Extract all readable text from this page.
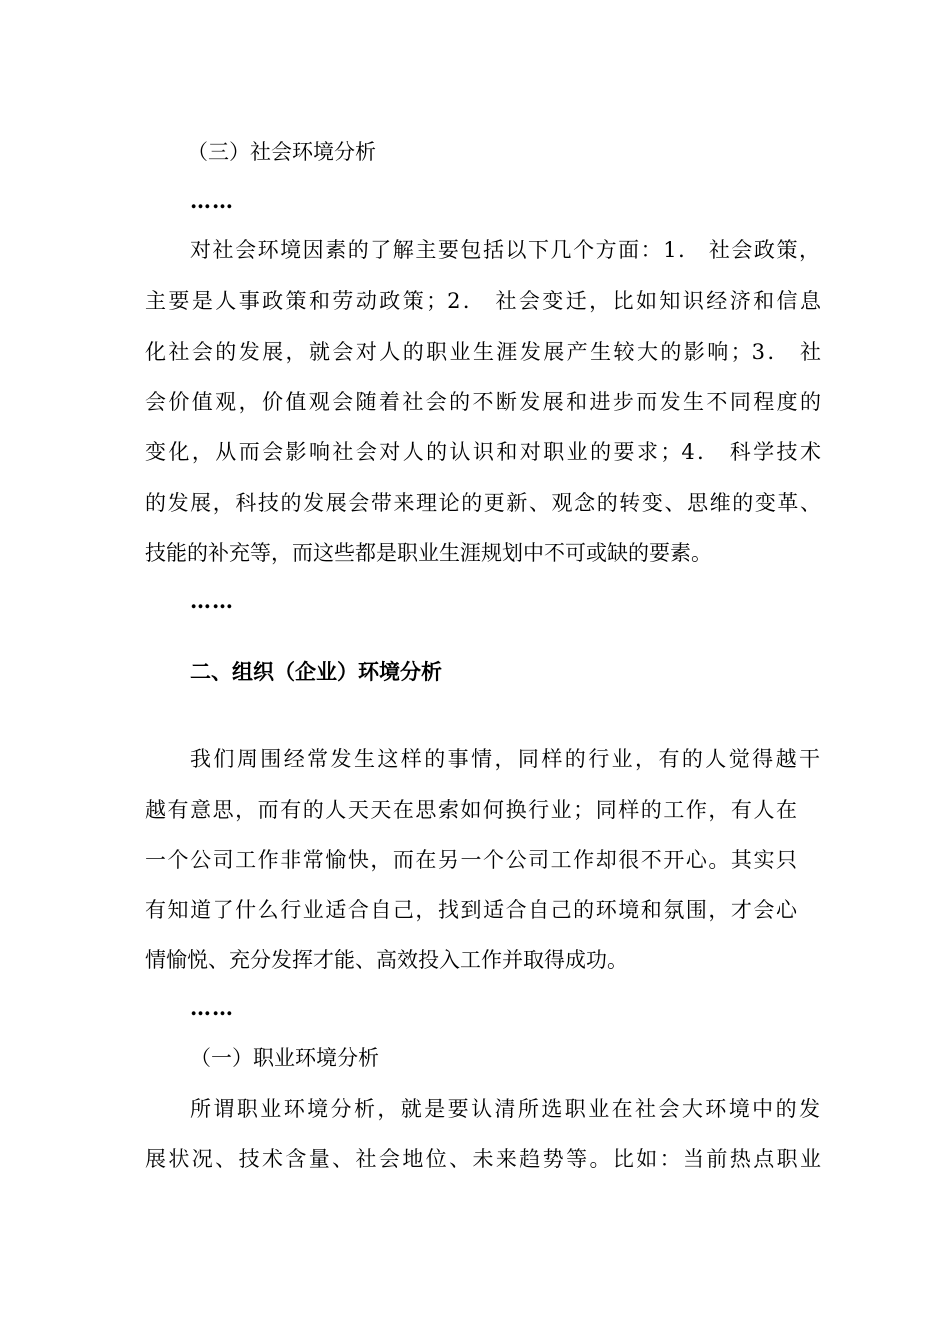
（三）社会环境分析
……
对社会环境因素的了解主要包括以下几个方面：1． 社会政策，
主要是人事政策和劳动政策；2． 社会变迁，比如知识经济和信息
化社会的发展，就会对人的职业生涯发展产生较大的影响；3． 社
会价值观，价值观会随着社会的不断发展和进步而发生不同程度的
变化，从而会影响社会对人的认识和对职业的要求；4． 科学技术
的发展，科技的发展会带来理论的更新、观念的转变、思维的变革、
技能的补充等，而这些都是职业生涯规划中不可或缺的要素。
……
二、组织（企业）环境分析
我们周围经常发生这样的事情，同样的行业，有的人觉得越干
越有意思，而有的人天天在思索如何换行业；同样的工作，有人在
一个公司工作非常愉快，而在另一个公司工作却很不开心。其实只
有知道了什么行业适合自己，找到适合自己的环境和氛围，才会心
情愉悦、充分发挥才能、高效投入工作并取得成功。
……
（一）职业环境分析
所谓职业环境分析，就是要认清所选职业在社会大环境中的发
展状况、技术含量、社会地位、未来趋势等。比如：当前热点职业
